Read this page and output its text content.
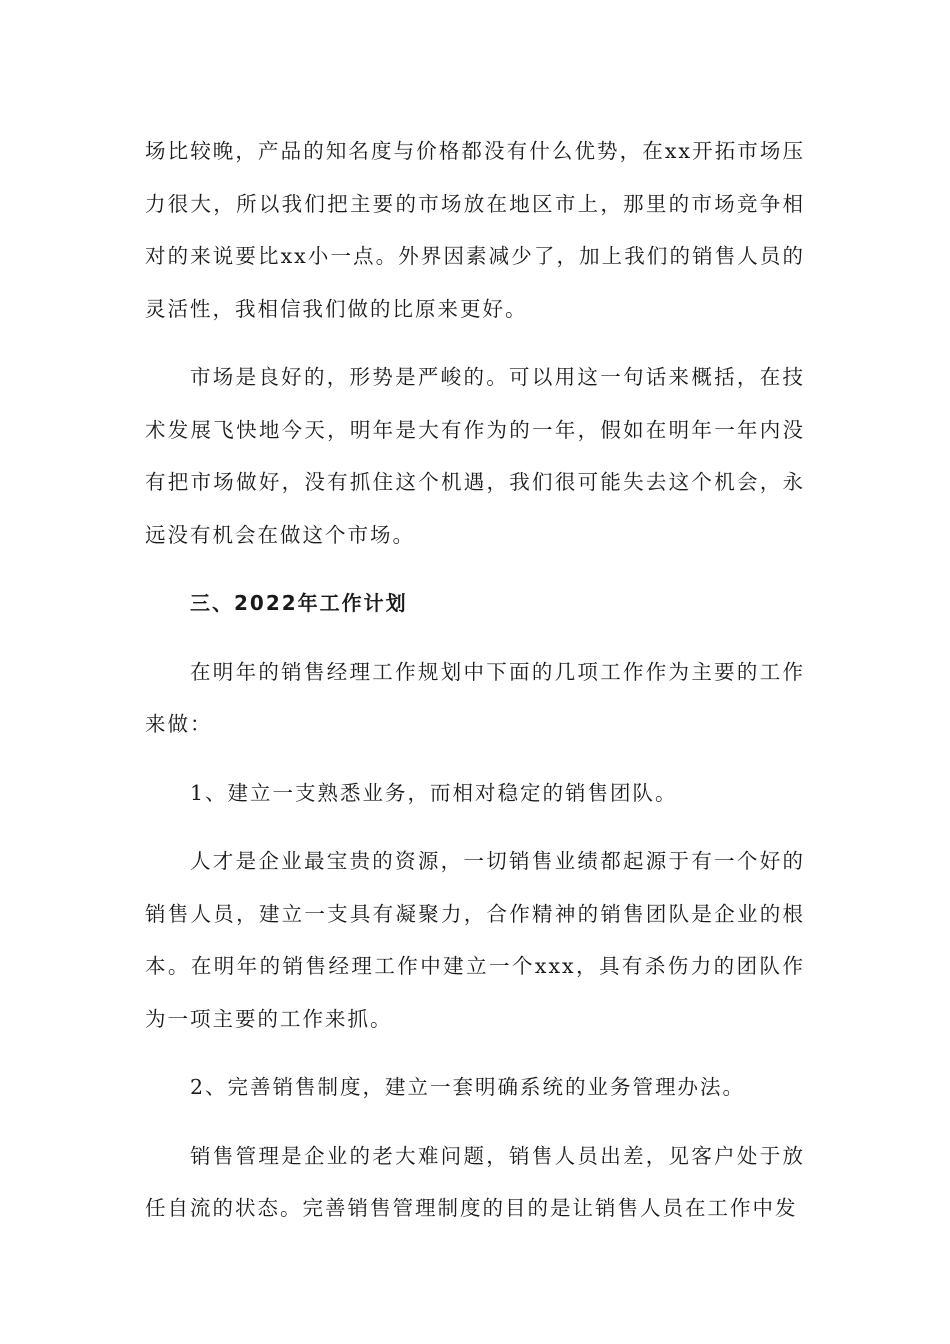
场比较晚，产品的知名度与价格都没有什么优势，在xx开拓市场压力很大，所以我们把主要的市场放在地区市上，那里的市场竞争相对的来说要比xx小一点。外界因素减少了，加上我们的销售人员的灵活性，我相信我们做的比原来更好。

市场是良好的，形势是严峻的。可以用这一句话来概括，在技术发展飞快地今天，明年是大有作为的一年，假如在明年一年内没有把市场做好，没有抓住这个机遇，我们很可能失去这个机会，永远没有机会在做这个市场。

三、2022年工作计划

在明年的销售经理工作规划中下面的几项工作作为主要的工作来做：

1、建立一支熟悉业务，而相对稳定的销售团队。

人才是企业最宝贵的资源，一切销售业绩都起源于有一个好的销售人员，建立一支具有凝聚力，合作精神的销售团队是企业的根本。在明年的销售经理工作中建立一个xxx，具有杀伤力的团队作为一项主要的工作来抓。

2、完善销售制度，建立一套明确系统的业务管理办法。

销售管理是企业的老大难问题，销售人员出差，见客户处于放任自流的状态。完善销售管理制度的目的是让销售人员在工作中发
